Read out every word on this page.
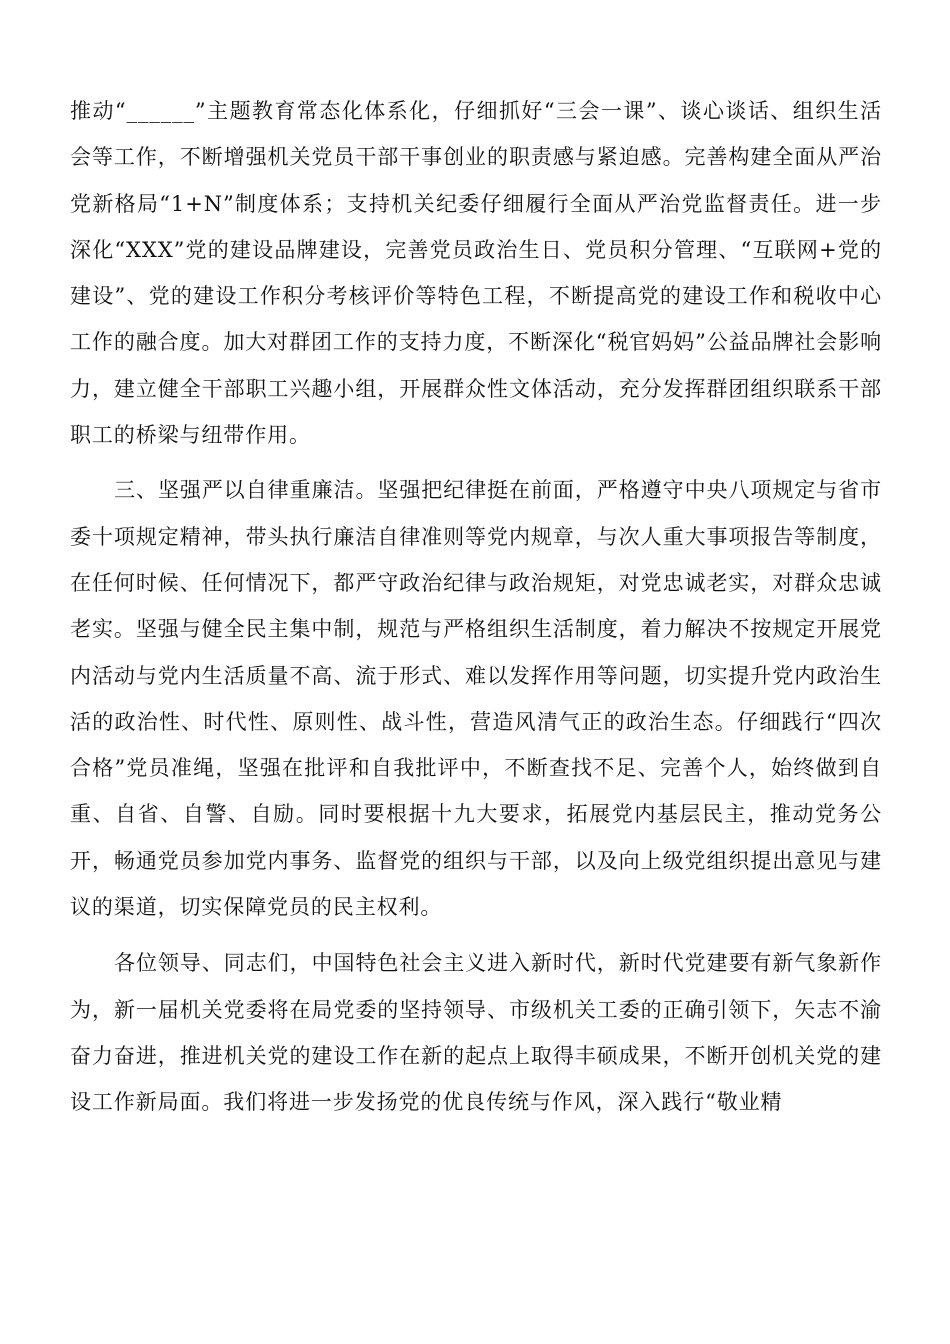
推动“______”主题教育常态化体系化，仔细抓好“三会一课”、谈心谈话、组织生活会等工作，不断增强机关党员干部干事创业的职责感与紧迫感。完善构建全面从严治党新格局“1+N”制度体系；支持机关纪委仔细履行全面从严治党监督责任。进一步深化“XXX”党的建设品牌建设，完善党员政治生日、党员积分管理、“互联网+党的建设”、党的建设工作积分考核评价等特色工程，不断提高党的建设工作和税收中心工作的融合度。加大对群团工作的支持力度，不断深化“税官妈妈”公益品牌社会影响力，建立健全干部职工兴趣小组，开展群众性文体活动，充分发挥群团组织联系干部职工的桥梁与纽带作用。

三、坚强严以自律重廉洁。坚强把纪律挺在前面，严格遵守中央八项规定与省市委十项规定精神，带头执行廉洁自律准则等党内规章，与次人重大事项报告等制度，在任何时候、任何情况下，都严守政治纪律与政治规矩，对党忠诚老实，对群众忠诚老实。坚强与健全民主集中制，规范与严格组织生活制度，着力解决不按规定开展党内活动与党内生活质量不高、流于形式、难以发挥作用等问题，切实提升党内政治生活的政治性、时代性、原则性、战斗性，营造风清气正的政治生态。仔细践行“四次合格”党员准绳，坚强在批评和自我批评中，不断查找不足、完善个人，始终做到自重、自省、自警、自励。同时要根据十九大要求，拓展党内基层民主，推动党务公开，畅通党员参加党内事务、监督党的组织与干部，以及向上级党组织提出意见与建议的渠道，切实保障党员的民主权利。

各位领导、同志们，中国特色社会主义进入新时代，新时代党建要有新气象新作为，新一届机关党委将在局党委的坚持领导、市级机关工委的正确引领下，矢志不渝奋力奋进，推进机关党的建设工作在新的起点上取得丰硕成果，不断开创机关党的建设工作新局面。我们将进一步发扬党的优良传统与作风，深入践行“敬业精
